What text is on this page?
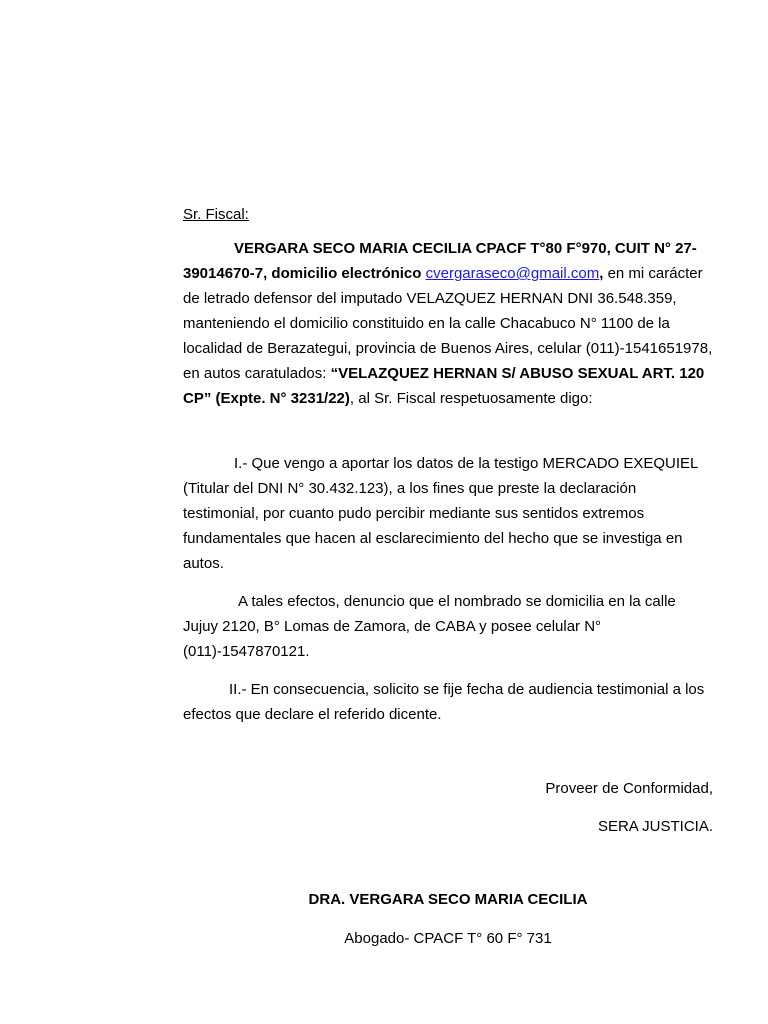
Sr. Fiscal:
VERGARA SECO MARIA CECILIA CPACF T°80 F°970, CUIT N° 27-39014670-7, domicilio electrónico cvergaraseco@gmail.com, en mi carácter de letrado defensor del imputado VELAZQUEZ HERNAN DNI 36.548.359, manteniendo el domicilio constituido en la calle Chacabuco N° 1100 de la localidad de Berazategui, provincia de Buenos Aires, celular (011)-1541651978, en autos caratulados: “VELAZQUEZ HERNAN S/ ABUSO SEXUAL ART. 120 CP” (Expte. N° 3231/22), al Sr. Fiscal respetuosamente digo:
I.- Que vengo a aportar los datos de la testigo MERCADO EXEQUIEL (Titular del DNI N° 30.432.123), a los fines que preste la declaración testimonial, por cuanto pudo percibir mediante sus sentidos extremos fundamentales que hacen al esclarecimiento del hecho que se investiga en autos.
A tales efectos, denuncio que el nombrado se domicilia en la calle Jujuy 2120, B° Lomas de Zamora, de CABA y posee celular N° (011)-1547870121.
II.- En consecuencia, solicito se fije fecha de audiencia testimonial a los efectos que declare el referido dicente.
Proveer de Conformidad,
SERA JUSTICIA.
DRA. VERGARA SECO MARIA CECILIA
Abogado- CPACF T° 60 F° 731
